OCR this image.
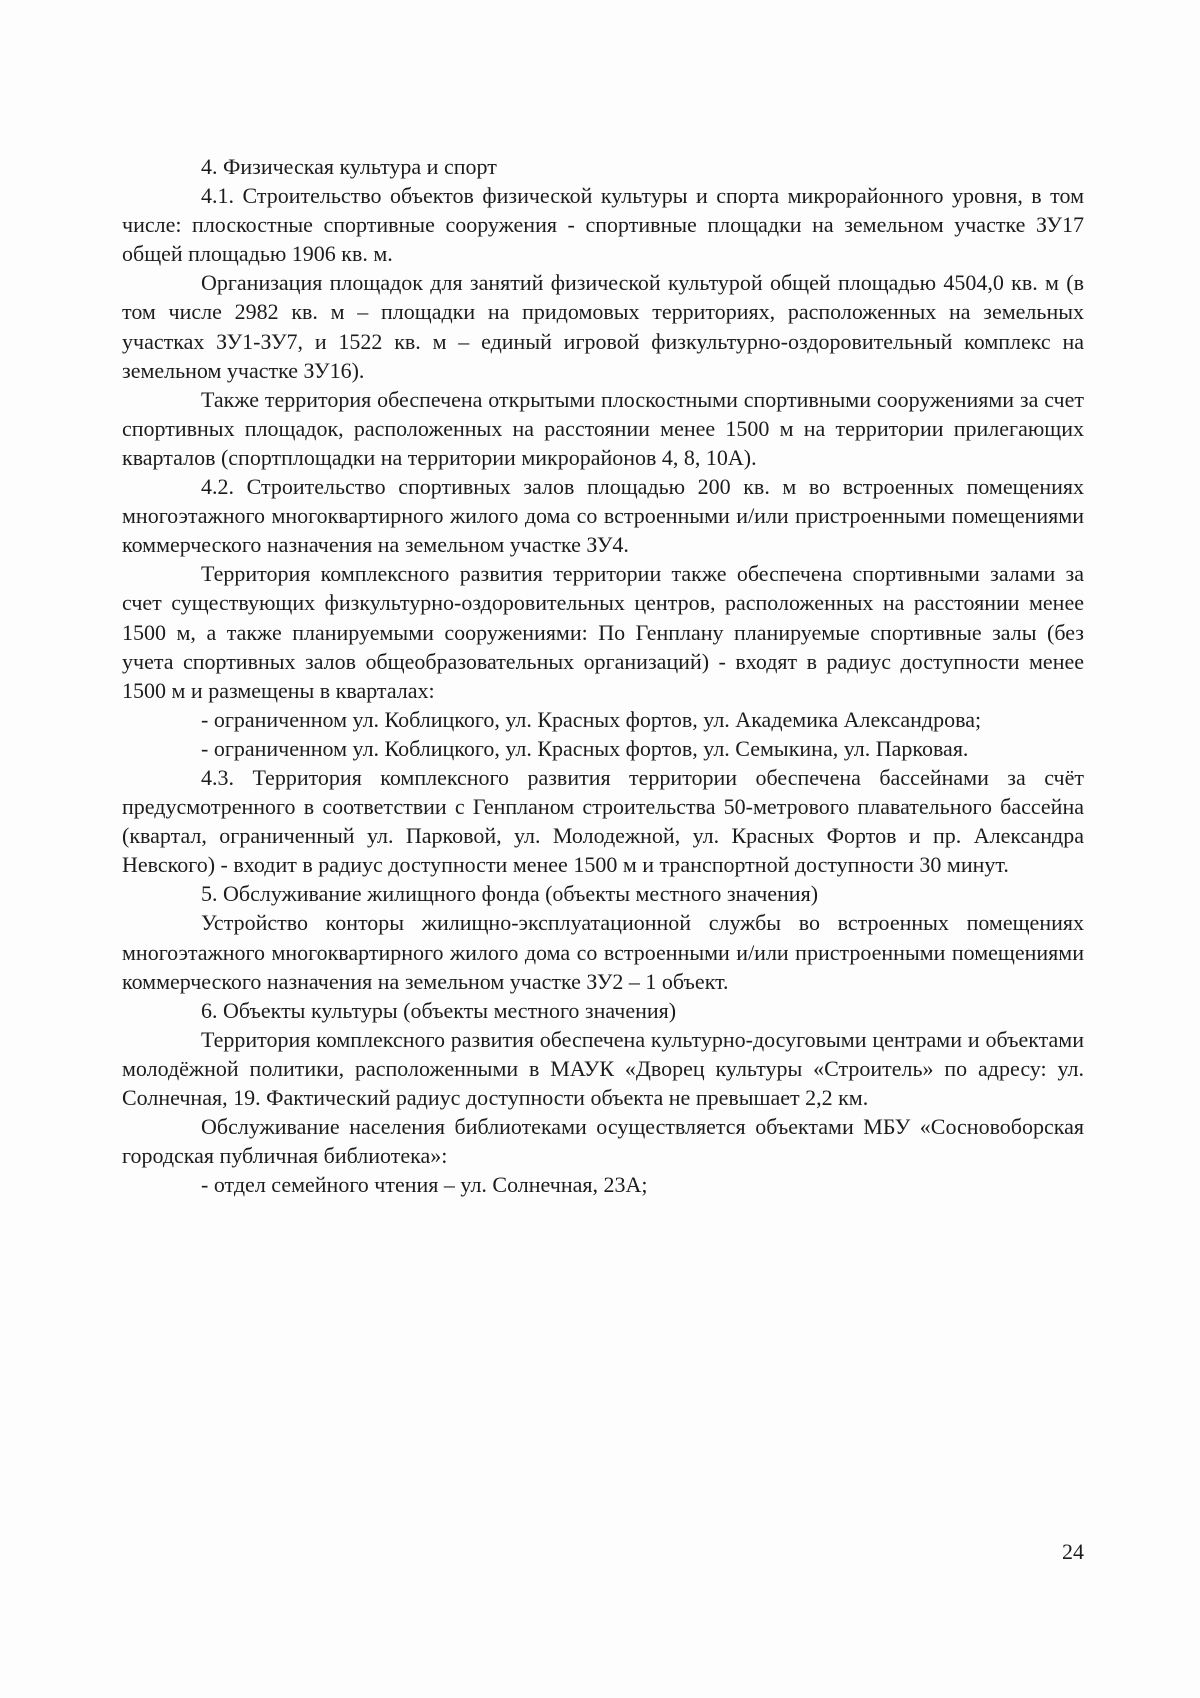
4. Физическая культура и спорт

4.1. Строительство объектов физической культуры и спорта микрорайонного уровня, в том числе: плоскостные спортивные сооружения - спортивные площадки на земельном участке ЗУ17 общей площадью 1906 кв. м.

Организация площадок для занятий физической культурой общей площадью 4504,0 кв. м (в том числе 2982 кв. м – площадки на придомовых территориях, расположенных на земельных участках ЗУ1-ЗУ7, и 1522 кв. м – единый игровой физкультурно-оздоровительный комплекс на земельном участке ЗУ16).

Также территория обеспечена открытыми плоскостными спортивными сооружениями за счет спортивных площадок, расположенных на расстоянии менее 1500 м на территории прилегающих кварталов (спортплощадки на территории микрорайонов 4, 8, 10А).

4.2. Строительство спортивных залов площадью 200 кв. м во встроенных помещениях многоэтажного многоквартирного жилого дома со встроенными и/или пристроенными помещениями коммерческого назначения на земельном участке ЗУ4.

Территория комплексного развития территории также обеспечена спортивными залами за счет существующих физкультурно-оздоровительных центров, расположенных на расстоянии менее 1500 м, а также планируемыми сооружениями: По Генплану планируемые спортивные залы (без учета спортивных залов общеобразовательных организаций) - входят в радиус доступности менее 1500 м и размещены в кварталах:

- ограниченном ул. Коблицкого, ул. Красных фортов, ул. Академика Александрова;

- ограниченном ул. Коблицкого, ул. Красных фортов, ул. Семыкина, ул. Парковая.

4.3. Территория комплексного развития территории обеспечена бассейнами за счёт предусмотренного в соответствии с Генпланом строительства 50-метрового плавательного бассейна (квартал, ограниченный ул. Парковой, ул. Молодежной, ул. Красных Фортов и пр. Александра Невского) - входит в радиус доступности менее 1500 м и транспортной доступности 30 минут.

5. Обслуживание жилищного фонда (объекты местного значения)

Устройство конторы жилищно-эксплуатационной службы во встроенных помещениях многоэтажного многоквартирного жилого дома со встроенными и/или пристроенными помещениями коммерческого назначения на земельном участке ЗУ2 – 1 объект.

6. Объекты культуры (объекты местного значения)

Территория комплексного развития обеспечена культурно-досуговыми центрами и объектами молодёжной политики, расположенными в МАУК «Дворец культуры «Строитель» по адресу: ул. Солнечная, 19. Фактический радиус доступности объекта не превышает 2,2 км.

Обслуживание населения библиотеками осуществляется объектами МБУ «Сосновоборская городская публичная библиотека»:

- отдел семейного чтения – ул. Солнечная, 23А;

24
